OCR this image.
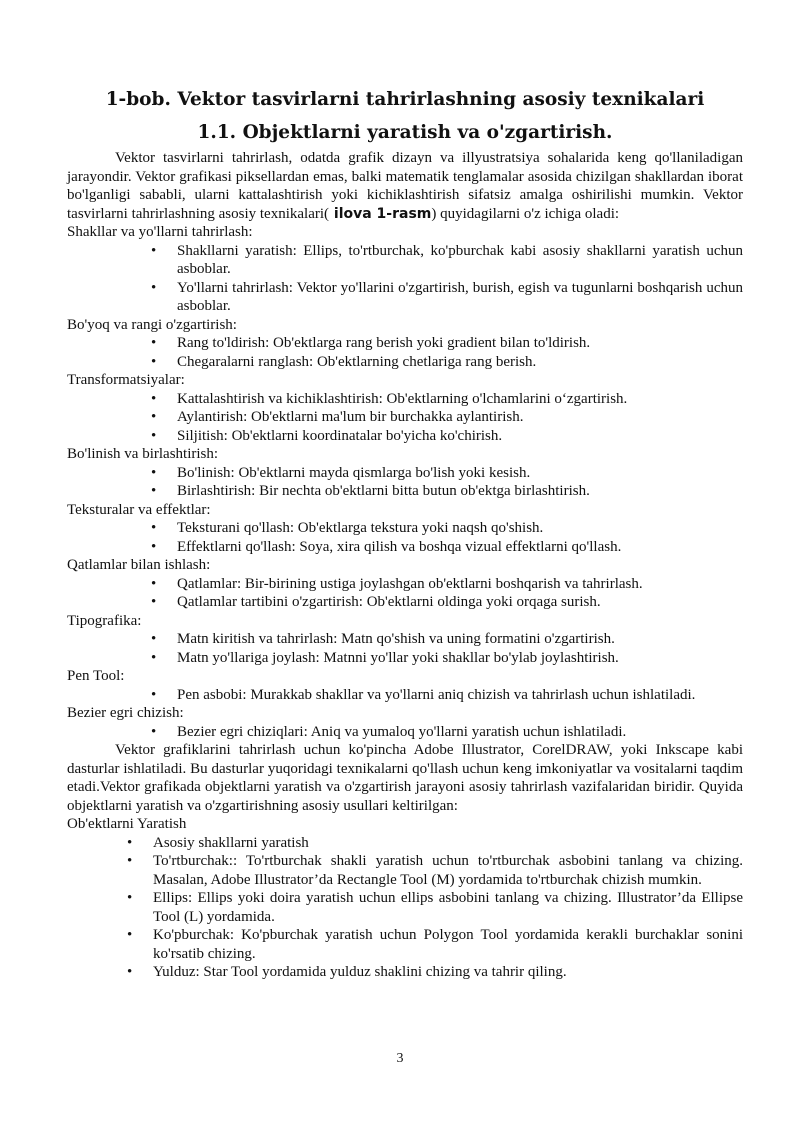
1-bob. Vektor tasvirlarni tahrirlashning asosiy texnikalari
1.1. Objektlarni yaratish va o'zgartirish.

Vektor tasvirlarni tahrirlash, odatda grafik dizayn va illyustratsiya sohalarida keng qo'llaniladigan jarayondir. Vektor grafikasi piksellardan emas, balki matematik tenglamalar asosida chizilgan shakllardan iborat bo'lganligi sababli, ularni kattalashtirish yoki kichiklashtirish sifatsiz amalga oshirilishi mumkin. Vektor tasvirlarni tahrirlashning asosiy texnikalari( ilova 1-rasm) quyidagilarni o'z ichiga oladi:

Shakllar va yo'llarni tahrirlash:
• Shakllarni yaratish: Ellips, to'rtburchak, ko'pburchak kabi asosiy shakllarni yaratish uchun asboblar.
• Yo'llarni tahrirlash: Vektor yo'llarini o'zgartirish, burish, egish va tugunlarni boshqarish uchun asboblar.
Bo'yoq va rangi o'zgartirish:
• Rang to'ldirish: Ob'ektlarga rang berish yoki gradient bilan to'ldirish.
• Chegaralarni ranglash: Ob'ektlarning chetlariga rang berish.
Transformatsiyalar:
• Kattalashtirish va kichiklashtirish: Ob'ektlarning o'lchamlarini o‘zgartirish.
• Aylantirish: Ob'ektlarni ma'lum bir burchakka aylantirish.
• Siljitish: Ob'ektlarni koordinatalar bo'yicha ko'chirish.
Bo'linish va birlashtirish:
• Bo'linish: Ob'ektlarni mayda qismlarga bo'lish yoki kesish.
• Birlashtirish: Bir nechta ob'ektlarni bitta butun ob'ektga birlashtirish.
Teksturalar va effektlar:
• Teksturani qo'llash: Ob'ektlarga tekstura yoki naqsh qo'shish.
• Effektlarni qo'llash: Soya, xira qilish va boshqa vizual effektlarni qo'llash.
Qatlamlar bilan ishlash:
• Qatlamlar: Bir-birining ustiga joylashgan ob'ektlarni boshqarish va tahrirlash.
• Qatlamlar tartibini o'zgartirish: Ob'ektlarni oldinga yoki orqaga surish.
Tipografika:
• Matn kiritish va tahrirlash: Matn qo'shish va uning formatini o'zgartirish.
• Matn yo'llariga joylash: Matnni yo'llar yoki shakllar bo'ylab joylashtirish.
Pen Tool:
• Pen asbobi: Murakkab shakllar va yo'llarni aniq chizish va tahrirlash uchun ishlatiladi.
Bezier egri chizish:
• Bezier egri chiziqlari: Aniq va yumaloq yo'llarni yaratish uchun ishlatiladi.

Vektor grafiklarini tahrirlash uchun ko'pincha Adobe Illustrator, CorelDRAW, yoki Inkscape kabi dasturlar ishlatiladi. Bu dasturlar yuqoridagi texnikalarni qo'llash uchun keng imkoniyatlar va vositalarni taqdim etadi.Vektor grafikada objektlarni yaratish va o'zgartirish jarayoni asosiy tahrirlash vazifalaridan biridir. Quyida objektlarni yaratish va o'zgartirishning asosiy usullari keltirilgan:

Ob'ektlarni Yaratish
• Asosiy shakllarni yaratish
• To'rtburchak:: To'rtburchak shakli yaratish uchun to'rtburchak asbobini tanlang va chizing. Masalan, Adobe Illustrator’da Rectangle Tool (M) yordamida to'rtburchak chizish mumkin.
• Ellips: Ellips yoki doira yaratish uchun ellips asbobini tanlang va chizing. Illustrator’da Ellipse Tool (L) yordamida.
• Ko'pburchak: Ko'pburchak yaratish uchun Polygon Tool yordamida kerakli burchaklar sonini ko'rsatib chizing.
• Yulduz: Star Tool yordamida yulduz shaklini chizing va tahrir qiling.
3
